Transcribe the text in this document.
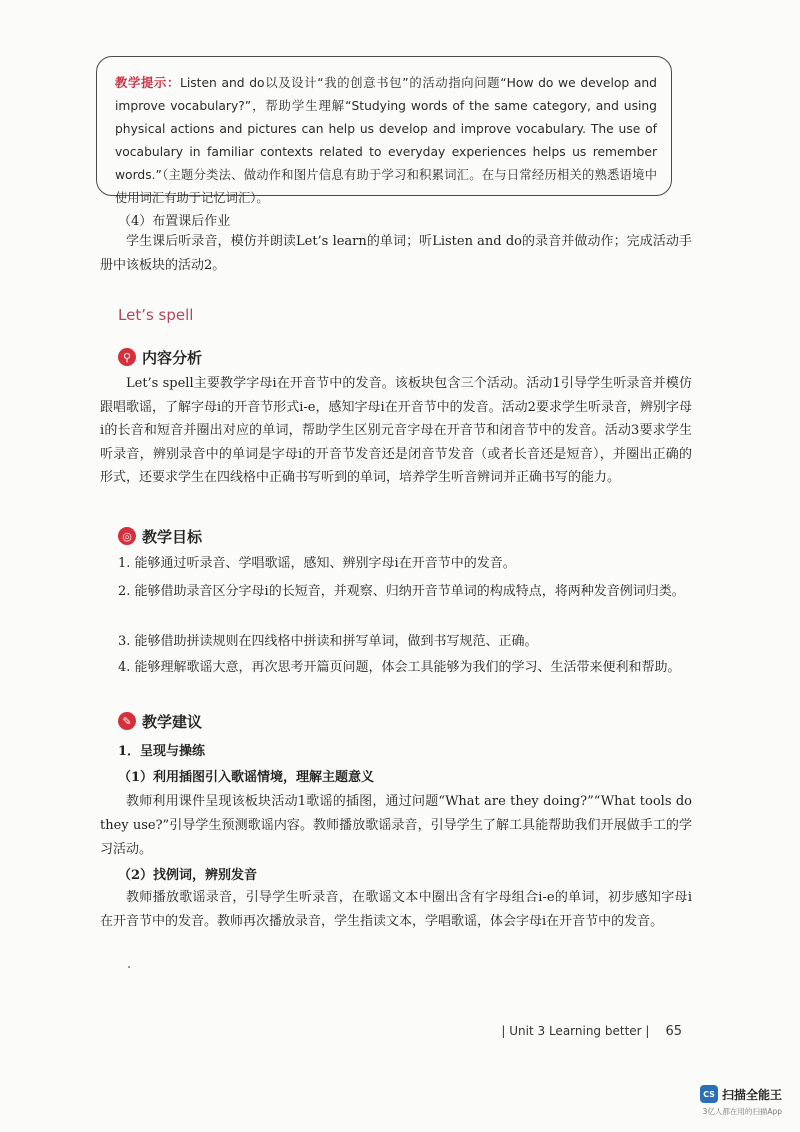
教学提示：Listen and do以及设计“我的创意书包”的活动指向问题“How do we develop and improve vocabulary?”，帮助学生理解“Studying words of the same category, and using physical actions and pictures can help us develop and improve vocabulary. The use of vocabulary in familiar contexts related to everyday experiences helps us remember words.”（主题分类法、做动作和图片信息有助于学习和积累词汇。在与日常经历相关的熟悉语境中使用词汇有助于记忆词汇）。
（4）布置课后作业
学生课后听录音，模仿并朗读Let’s learn的单词；听Listen and do的录音并做动作；完成活动手册中该板块的活动2。
Let’s spell
⚲ 内容分析
Let’s spell主要教学字母i在开音节中的发音。该板块包含三个活动。活动1引导学生听录音并模仿跟唱歌谣，了解字母i的开音节形式i-e，感知字母i在开音节中的发音。活动2要求学生听录音，辨别字母i的长音和短音并圈出对应的单词，帮助学生区别元音字母在开音节和闭音节中的发音。活动3要求学生听录音，辨别录音中的单词是字母i的开音节发音还是闭音节发音（或者长音还是短音），并圈出正确的形式，还要求学生在四线格中正确书写听到的单词，培养学生听音辨词并正确书写的能力。
◎ 教学目标
1. 能够通过听录音、学唱歌谣，感知、辨别字母i在开音节中的发音。
2. 能够借助录音区分字母i的长短音，并观察、归纳开音节单词的构成特点，将两种发音例词归类。
3. 能够借助拼读规则在四线格中拼读和拼写单词，做到书写规范、正确。
4. 能够理解歌谣大意，再次思考开篇页问题，体会工具能够为我们的学习、生活带来便利和帮助。
✎ 教学建议
1．呈现与操练
（1）利用插图引入歌谣情境，理解主题意义
教师利用课件呈现该板块活动1歌谣的插图，通过问题“What are they doing?”“What tools do they use?”引导学生预测歌谣内容。教师播放歌谣录音，引导学生了解工具能帮助我们开展做手工的学习活动。
（2）找例词，辨别发音
教师播放歌谣录音，引导学生听录音，在歌谣文本中圈出含有字母组合i-e的单词，初步感知字母i在开音节中的发音。教师再次播放录音，学生指读文本，学唱歌谣，体会字母i在开音节中的发音。
| Unit 3 Learning better | 65
CS 扫描全能王
3亿人都在用的扫描App
